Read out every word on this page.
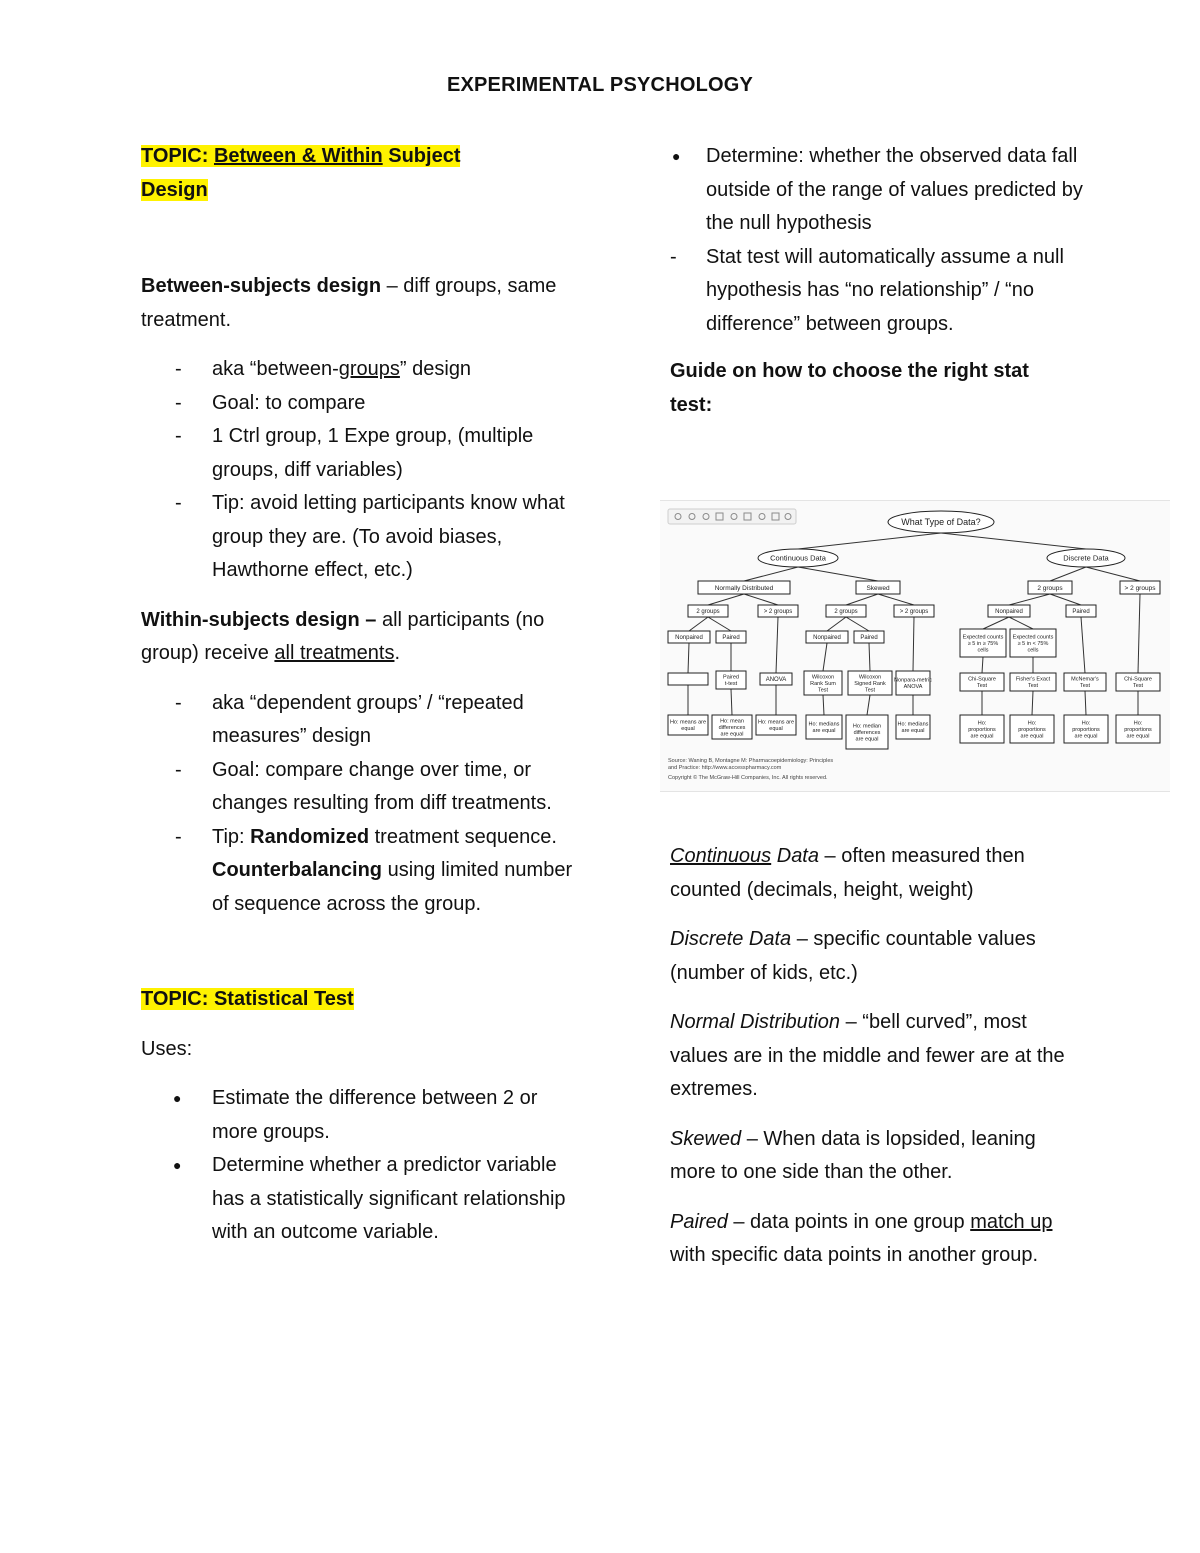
EXPERIMENTAL PSYCHOLOGY

TOPIC: Between & Within Subject Design

Between-subjects design – diff groups, same treatment.

- aka “between-groups” design
- Goal: to compare
- 1 Ctrl group, 1 Expe group, (multiple groups, diff variables)
- Tip: avoid letting participants know what group they are. (To avoid biases, Hawthorne effect, etc.)

Within-subjects design – all participants (no group) receive all treatments.

- aka “dependent groups’ / “repeated measures” design
- Goal: compare change over time, or changes resulting from diff treatments.
- Tip: Randomized treatment sequence. Counterbalancing using limited number of sequence across the group.

TOPIC: Statistical Test

Uses:

● Estimate the difference between 2 or more groups.
● Determine whether a predictor variable has a statistically significant relationship with an outcome variable.
● Determine: whether the observed data fall outside of the range of values predicted by the null hypothesis
- Stat test will automatically assume a null hypothesis has “no relationship” / “no difference” between groups.

Guide on how to choose the right stat test:

What Type of Data?
Continuous Data	Discrete Data
Normally Distributed	Skewed	2 groups	> 2 groups
2 groups	> 2 groups	2 groups	> 2 groups
Nonpaired	Paired	Nonpaired	Paired
Nonpaired	Paired
Expected counts
≥ 5 in ≥ 75%
cells
Expected counts
≥ 5 in < 75%
cells
Paired
t-test
ANOVA	Wilcoxon
Rank Sum
Test
Wilcoxon
Signed Rank
Test
Nonpara-metric
ANOVA
Chi-Square
Test
Fisher's Exact
Test
McNemar's
Test
Chi-Square
Test
Ho: means are
equal
Ho: mean
differences
are equal
Ho: means are
equal
Ho: medians
are equal
Ho: median
differences
are equal
Ho: medians
are equal
Ho:
proportions
are equal
Ho:
proportions
are equal
Ho:
proportions
are equal
Ho:
proportions
are equal
Source: Waning B, Montagne M: Pharmacoepidemiology: Principles
and Practice: http://www.accesspharmacy.com
Copyright © The McGraw-Hill Companies, Inc. All rights reserved.

Continuous Data – often measured then counted (decimals, height, weight)

Discrete Data – specific countable values (number of kids, etc.)

Normal Distribution – “bell curved”, most values are in the middle and fewer are at the extremes.

Skewed – When data is lopsided, leaning more to one side than the other.

Paired – data points in one group match up with specific data points in another group.
